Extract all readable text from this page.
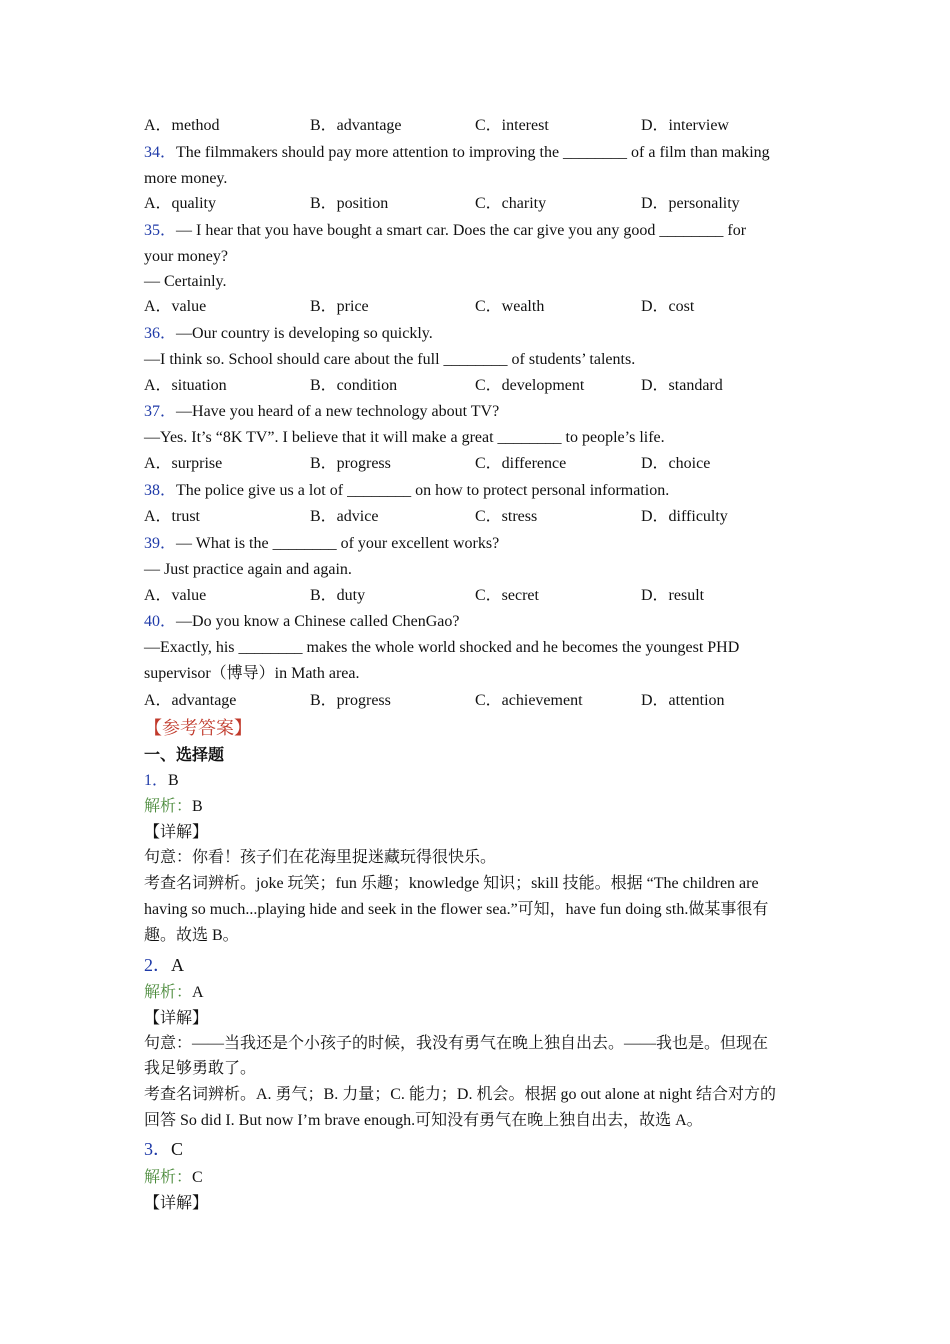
A．method	B．advantage	C．interest	D．interview
34．The filmmakers should pay more attention to improving the ________ of a film than making
more money.
A．quality	B．position	C．charity	D．personality
35．— I hear that you have bought a smart car. Does the car give you any good ________ for
your money?
— Certainly.
A．value	B．price	C．wealth	D．cost
36．—Our country is developing so quickly.
—I think so. School should care about the full ________ of students’ talents.
A．situation	B．condition	C．development	D．standard
37．—Have you heard of a new technology about TV?
—Yes. It’s “8K TV”. I believe that it will make a great ________ to people’s life.
A．surprise	B．progress	C．difference	D．choice
38．The police give us a lot of ________ on how to protect personal information.
A．trust	B．advice	C．stress	D．difficulty
39．— What is the ________ of your excellent works?
— Just practice again and again.
A．value	B．duty	C．secret	D．result
40．—Do you know a Chinese called ChenGao?
—Exactly, his ________ makes the whole world shocked and he becomes the youngest PHD
supervisor（博导）in Math area.
A．advantage	B．progress	C．achievement	D．attention
【参考答案】
一、选择题
1．B
解析：B
【详解】
句意：你看！孩子们在花海里捉迷藏玩得很快乐。
考查名词辨析。joke 玩笑；fun 乐趣；knowledge 知识；skill 技能。根据 “The children are
having so much...playing hide and seek in the flower sea.”可知，have fun doing sth.做某事很有
趣。故选 B。
2．A
解析：A
【详解】
句意：——当我还是个小孩子的时候，我没有勇气在晚上独自出去。——我也是。但现在
我足够勇敢了。
考查名词辨析。A. 勇气；B. 力量；C. 能力；D. 机会。根据 go out alone at night 结合对方的
回答 So did I. But now I’m brave enough.可知没有勇气在晚上独自出去，故选 A。
3．C
解析：C
【详解】
